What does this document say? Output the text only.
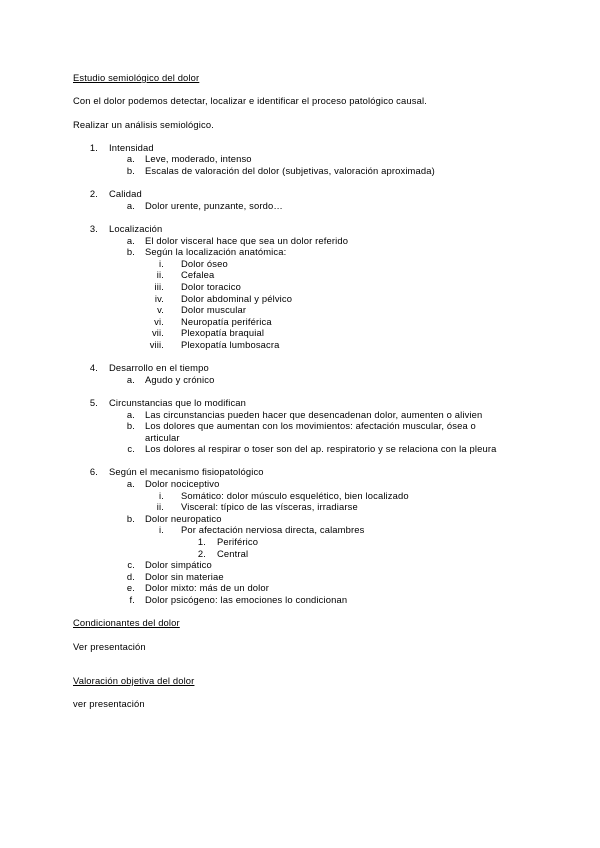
Estudio semiológico del dolor
Con el dolor podemos detectar, localizar e identificar el proceso patológico causal.
Realizar un análisis semiológico.
1. Intensidad
a. Leve, moderado, intenso
b. Escalas de valoración del dolor (subjetivas, valoración aproximada)
2. Calidad
a. Dolor urente, punzante, sordo…
3. Localización
a. El dolor visceral hace que sea un dolor referido
b. Según la localización anatómica:
i. Dolor óseo
ii. Cefalea
iii. Dolor toracico
iv. Dolor abdominal y pélvico
v. Dolor muscular
vi. Neuropatía periférica
vii. Plexopatía braquial
viii. Plexopatía lumbosacra
4. Desarrollo en el tiempo
a. Agudo y crónico
5. Circunstancias que lo modifican
a. Las circunstancias pueden hacer que desencadenan dolor, aumenten o alivien
b. Los dolores que aumentan con los movimientos: afectación muscular, ósea o
articular
c. Los dolores al respirar o toser son del ap. respiratorio y se relaciona con la pleura
6. Según el mecanismo fisiopatológico
a. Dolor nociceptivo
i. Somático: dolor músculo esquelético, bien localizado
ii. Visceral: típico de las vísceras, irradiarse
b. Dolor neuropatico
i. Por afectación nerviosa directa, calambres
1. Periférico
2. Central
c. Dolor simpático
d. Dolor sin materiae
e. Dolor mixto: más de un dolor
f. Dolor psicógeno: las emociones lo condicionan
Condicionantes del dolor
Ver presentación
Valoración objetiva del dolor
ver presentación
